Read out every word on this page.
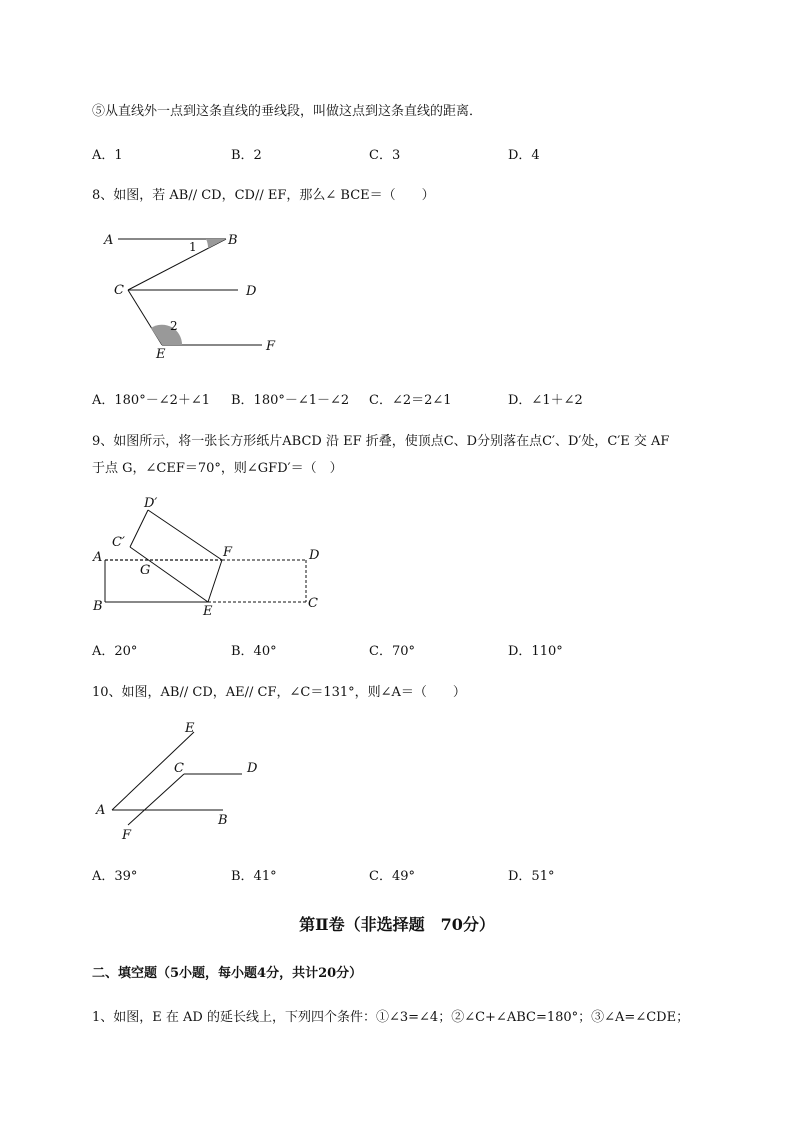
⑤从直线外一点到这条直线的垂线段，叫做这点到这条直线的距离．
A．1	B．2	C．3	D．4
8、如图，若 AB// CD，CD// EF，那么∠ BCE＝（　　）
A	B
C	D
E
F
1
2
A．180°－∠2＋∠1 B．180°－∠1－∠2 C．∠2＝2∠1	D．∠1＋∠2
9、如图所示，将一张长方形纸片ABCD 沿 EF 折叠，使顶点C、D分别落在点C′、D′处，C′E 交 AF
于点 G，∠CEF＝70°，则∠GFD′＝（　）
D′
C′
A
G
F	D
B	E
C
A．20°	B．40°	C．70°	D．110°
10、如图，AB// CD，AE// CF，∠C＝131°，则∠A＝（　　）
E
C	D
A
F
B
A．39°	B．41°	C．49°	D．51°
第Ⅱ卷（非选择题　70分）
二、填空题（5小题，每小题4分，共计20分）
1、如图，E 在 AD 的延长线上，下列四个条件：①∠3=∠4；②∠C+∠ABC=180°；③∠A=∠CDE；
